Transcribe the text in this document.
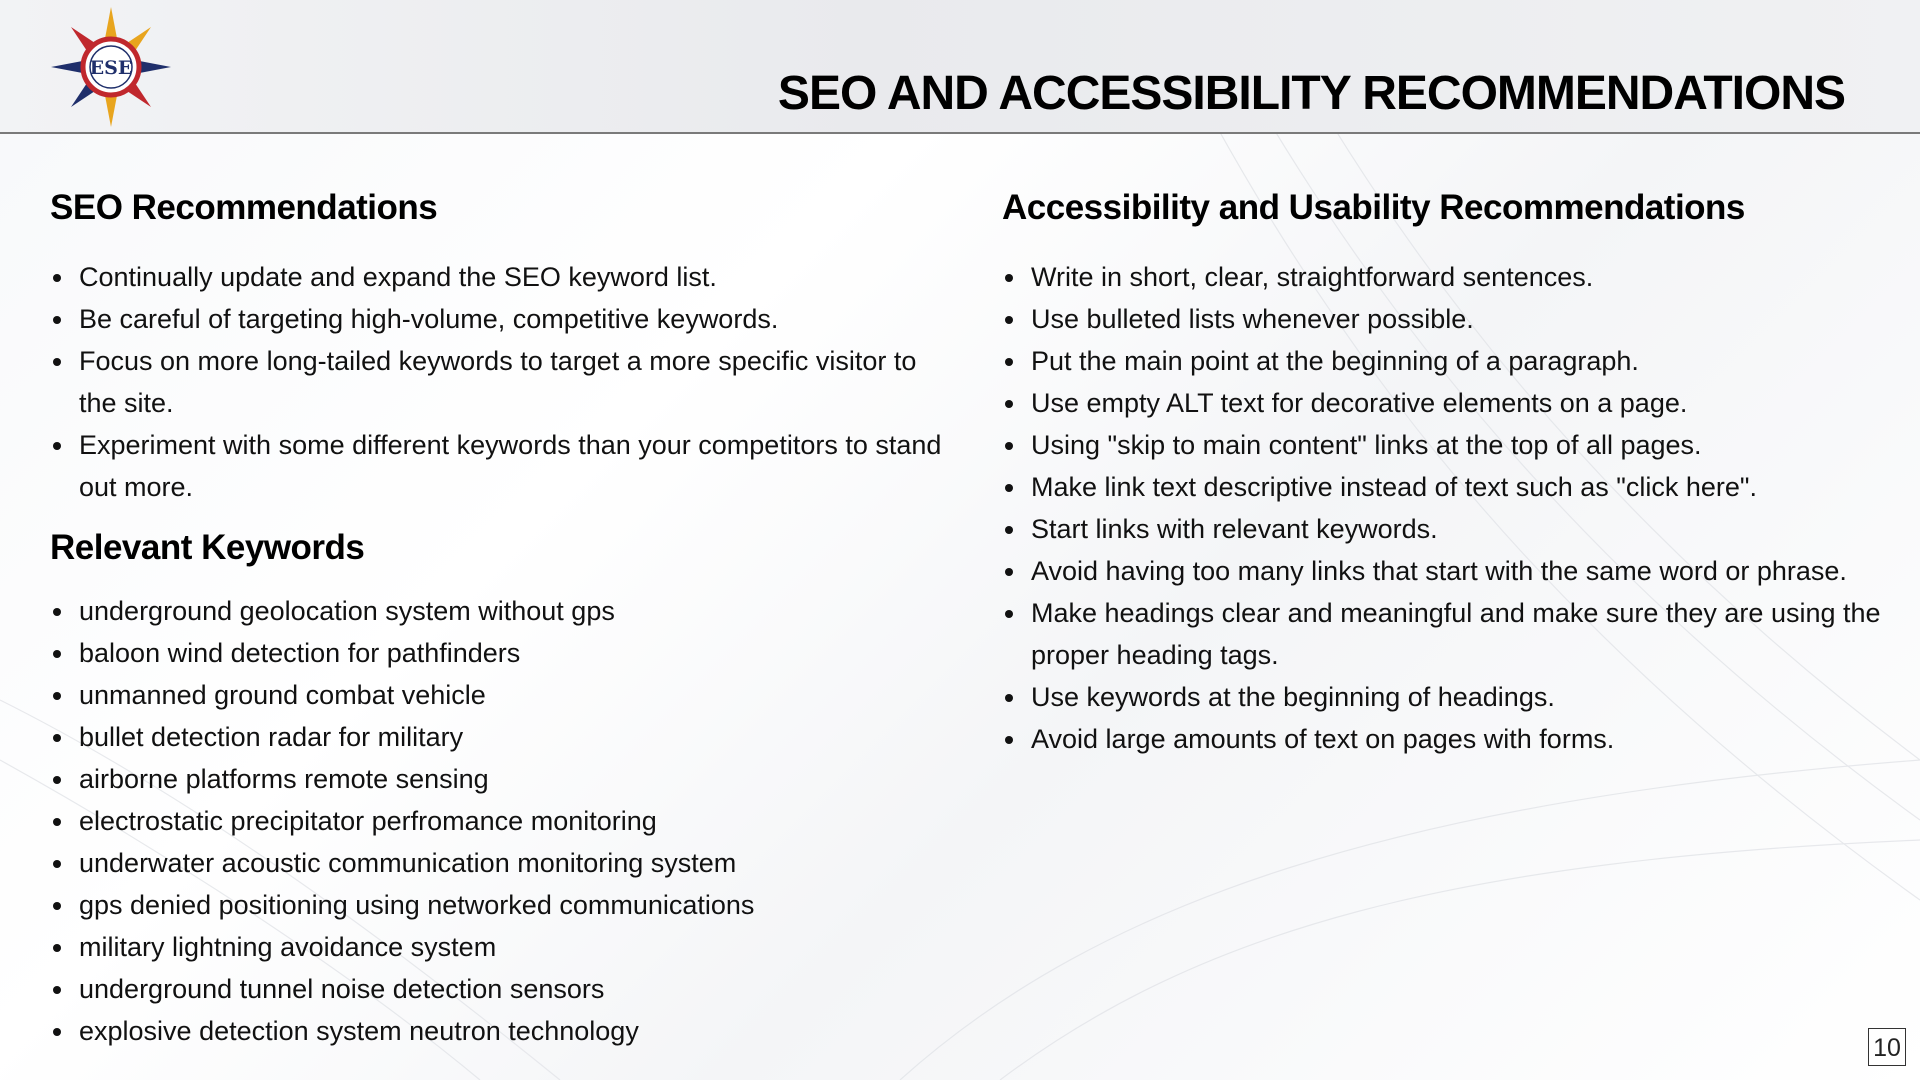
ESE	SEO AND ACCESSIBILITY RECOMMENDATIONS
SEO Recommendations
Continually update and expand the SEO keyword list.
Be careful of targeting high-volume, competitive keywords.
Focus on more long-tailed keywords to target a more specific visitor to the site.
Experiment with some different keywords than your competitors to stand out more.
Relevant Keywords
underground geolocation system without gps
baloon wind detection for pathfinders
unmanned ground combat vehicle
bullet detection radar for military
airborne platforms remote sensing
electrostatic precipitator perfromance monitoring
underwater acoustic communication monitoring system
gps denied positioning using networked communications
military lightning avoidance system
underground tunnel noise detection sensors
explosive detection system neutron technology
Accessibility and Usability Recommendations
Write in short, clear, straightforward sentences.
Use bulleted lists whenever possible.
Put the main point at the beginning of a paragraph.
Use empty ALT text for decorative elements on a page.
Using "skip to main content" links at the top of all pages.
Make link text descriptive instead of text such as "click here".
Start links with relevant keywords.
Avoid having too many links that start with the same word or phrase.
Make headings clear and meaningful and make sure they are using the proper heading tags.
Use keywords at the beginning of headings.
Avoid large amounts of text on pages with forms.
10
